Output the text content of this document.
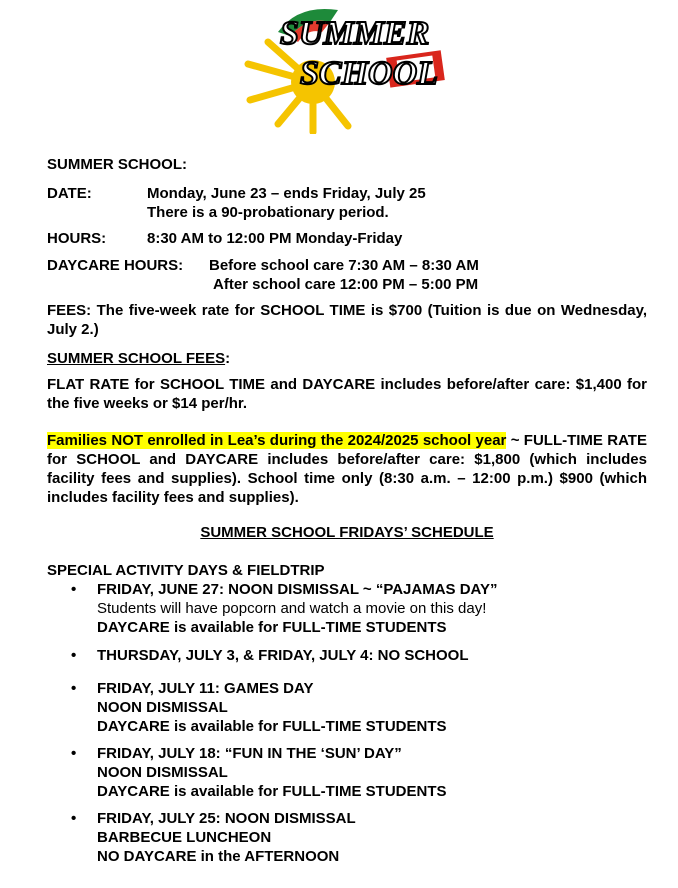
SUMMER
SCHOOL

SUMMER SCHOOL:

DATE:	Monday, June 23 – ends Friday, July 25
There is a 90-probationary period.
HOURS:	8:30 AM to 12:00 PM Monday-Friday
DAYCARE HOURS:	Before school care 7:30 AM – 8:30 AM
After school care 12:00 PM – 5:00 PM

FEES: The five-week rate for SCHOOL TIME is $700 (Tuition is due on Wednesday, July 2.)

SUMMER SCHOOL FEES:

FLAT RATE for SCHOOL TIME and DAYCARE includes before/after care: $1,400 for the five weeks or $14 per/hr.

Families NOT enrolled in Lea’s during the 2024/2025 school year ~ FULL-TIME RATE for SCHOOL and DAYCARE includes before/after care: $1,800 (which includes facility fees and supplies). School time only (8:30 a.m. – 12:00 p.m.) $900 (which includes facility fees and supplies).

SUMMER SCHOOL FRIDAYS’ SCHEDULE

SPECIAL ACTIVITY DAYS & FIELDTRIP

• FRIDAY, JUNE 27: NOON DISMISSAL ~ “PAJAMAS DAY”
Students will have popcorn and watch a movie on this day!
DAYCARE is available for FULL-TIME STUDENTS
• THURSDAY, JULY 3, & FRIDAY, JULY 4: NO SCHOOL
• FRIDAY, JULY 11: GAMES DAY
NOON DISMISSAL
DAYCARE is available for FULL-TIME STUDENTS
• FRIDAY, JULY 18: “FUN IN THE ‘SUN’ DAY”
NOON DISMISSAL
DAYCARE is available for FULL-TIME STUDENTS
• FRIDAY, JULY 25: NOON DISMISSAL
BARBECUE LUNCHEON
NO DAYCARE in the AFTERNOON
